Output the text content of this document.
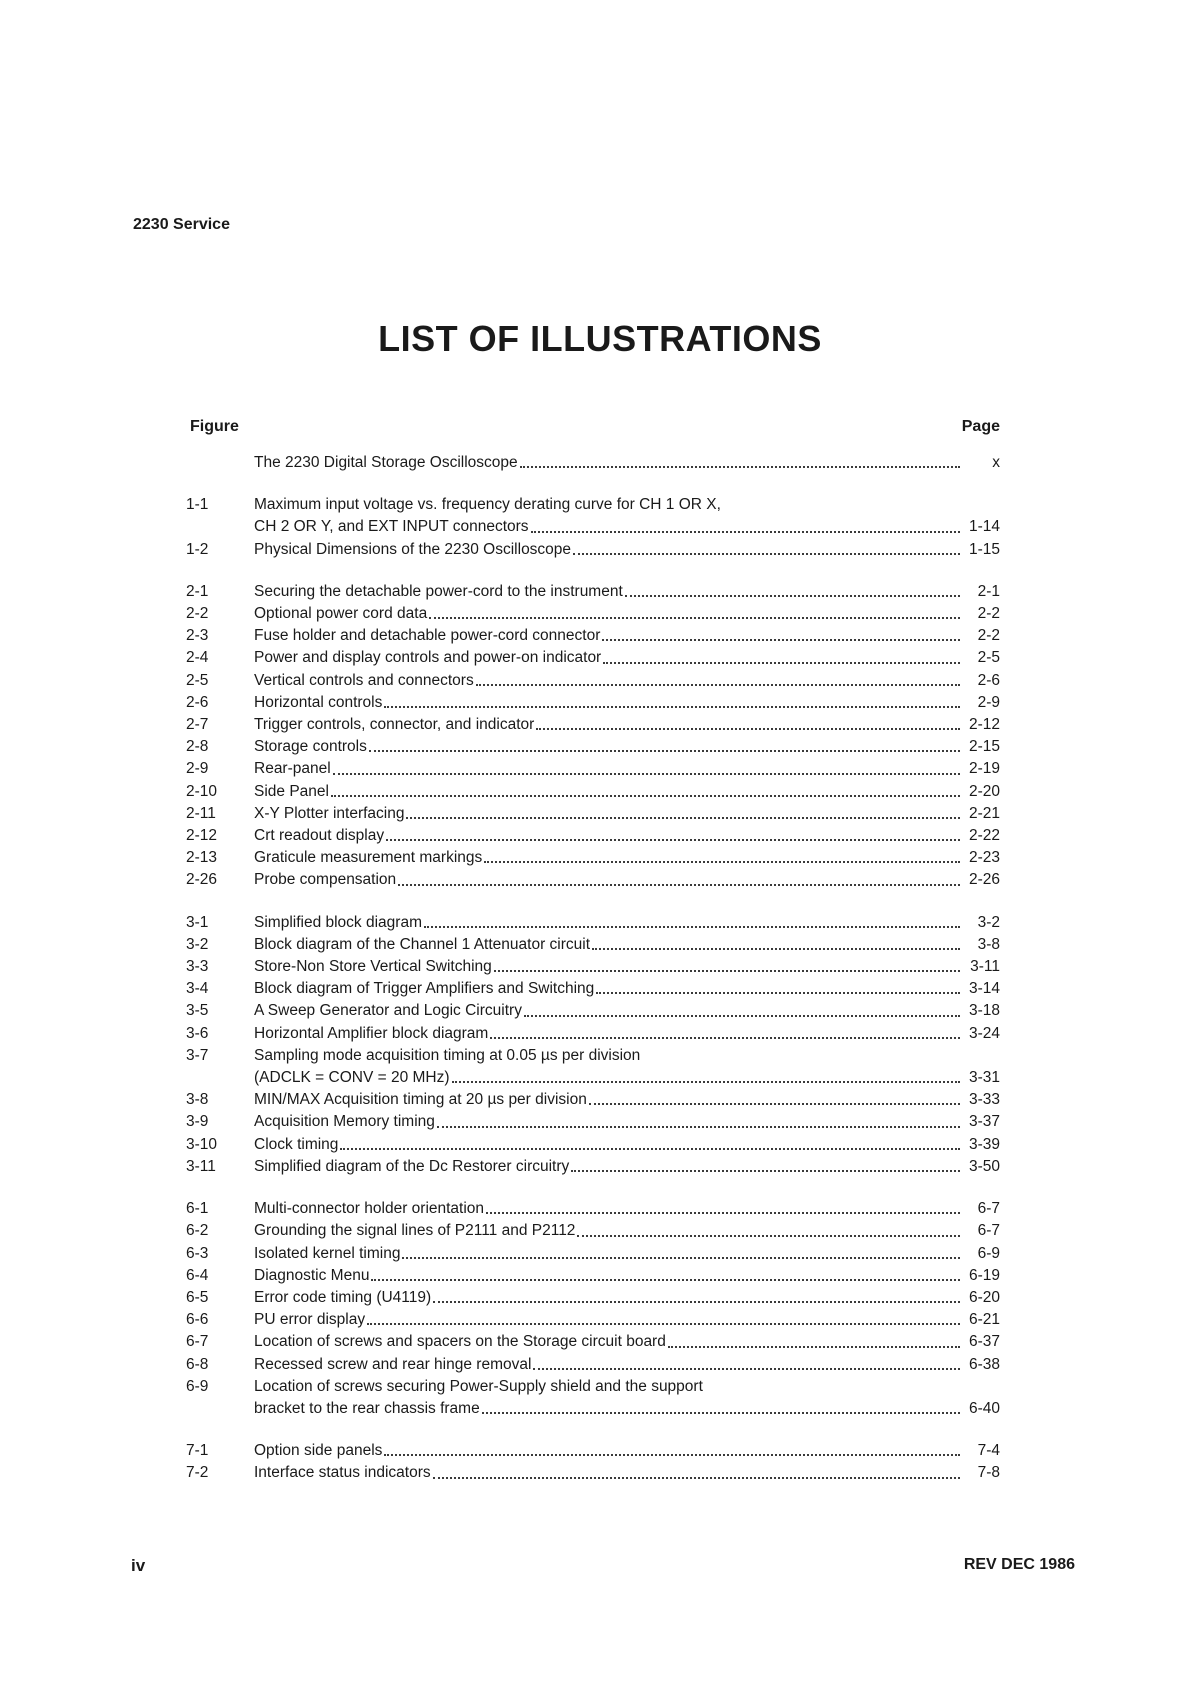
2230 Service
LIST OF ILLUSTRATIONS
Figure	Page
The 2230 Digital Storage Oscilloscope	x
1-1	Maximum input voltage vs. frequency derating curve for CH 1 OR X,
CH 2 OR Y, and EXT INPUT connectors	1-14
1-2	Physical Dimensions of the 2230 Oscilloscope	1-15
2-1	Securing the detachable power-cord to the instrument	2-1
2-2	Optional power cord data	2-2
2-3	Fuse holder and detachable power-cord connector	2-2
2-4	Power and display controls and power-on indicator	2-5
2-5	Vertical controls and connectors	2-6
2-6	Horizontal controls	2-9
2-7	Trigger controls, connector, and indicator	2-12
2-8	Storage controls	2-15
2-9	Rear-panel	2-19
2-10	Side Panel	2-20
2-11	X-Y Plotter interfacing	2-21
2-12	Crt readout display	2-22
2-13	Graticule measurement markings	2-23
2-26	Probe compensation	2-26
3-1	Simplified block diagram	3-2
3-2	Block diagram of the Channel 1 Attenuator circuit	3-8
3-3	Store-Non Store Vertical Switching	3-11
3-4	Block diagram of Trigger Amplifiers and Switching	3-14
3-5	A Sweep Generator and Logic Circuitry	3-18
3-6	Horizontal Amplifier block diagram	3-24
3-7	Sampling mode acquisition timing at 0.05 µs per division
(ADCLK = CONV = 20 MHz)	3-31
3-8	MIN/MAX Acquisition timing at 20 µs per division	3-33
3-9	Acquisition Memory timing	3-37
3-10	Clock timing	3-39
3-11	Simplified diagram of the Dc Restorer circuitry	3-50
6-1	Multi-connector holder orientation	6-7
6-2	Grounding the signal lines of P2111 and P2112	6-7
6-3	Isolated kernel timing	6-9
6-4	Diagnostic Menu	6-19
6-5	Error code timing (U4119)	6-20
6-6	PU error display	6-21
6-7	Location of screws and spacers on the Storage circuit board	6-37
6-8	Recessed screw and rear hinge removal	6-38
6-9	Location of screws securing Power-Supply shield and the support
bracket to the rear chassis frame	6-40
7-1	Option side panels	7-4
7-2	Interface status indicators	7-8
iv	REV DEC 1986
